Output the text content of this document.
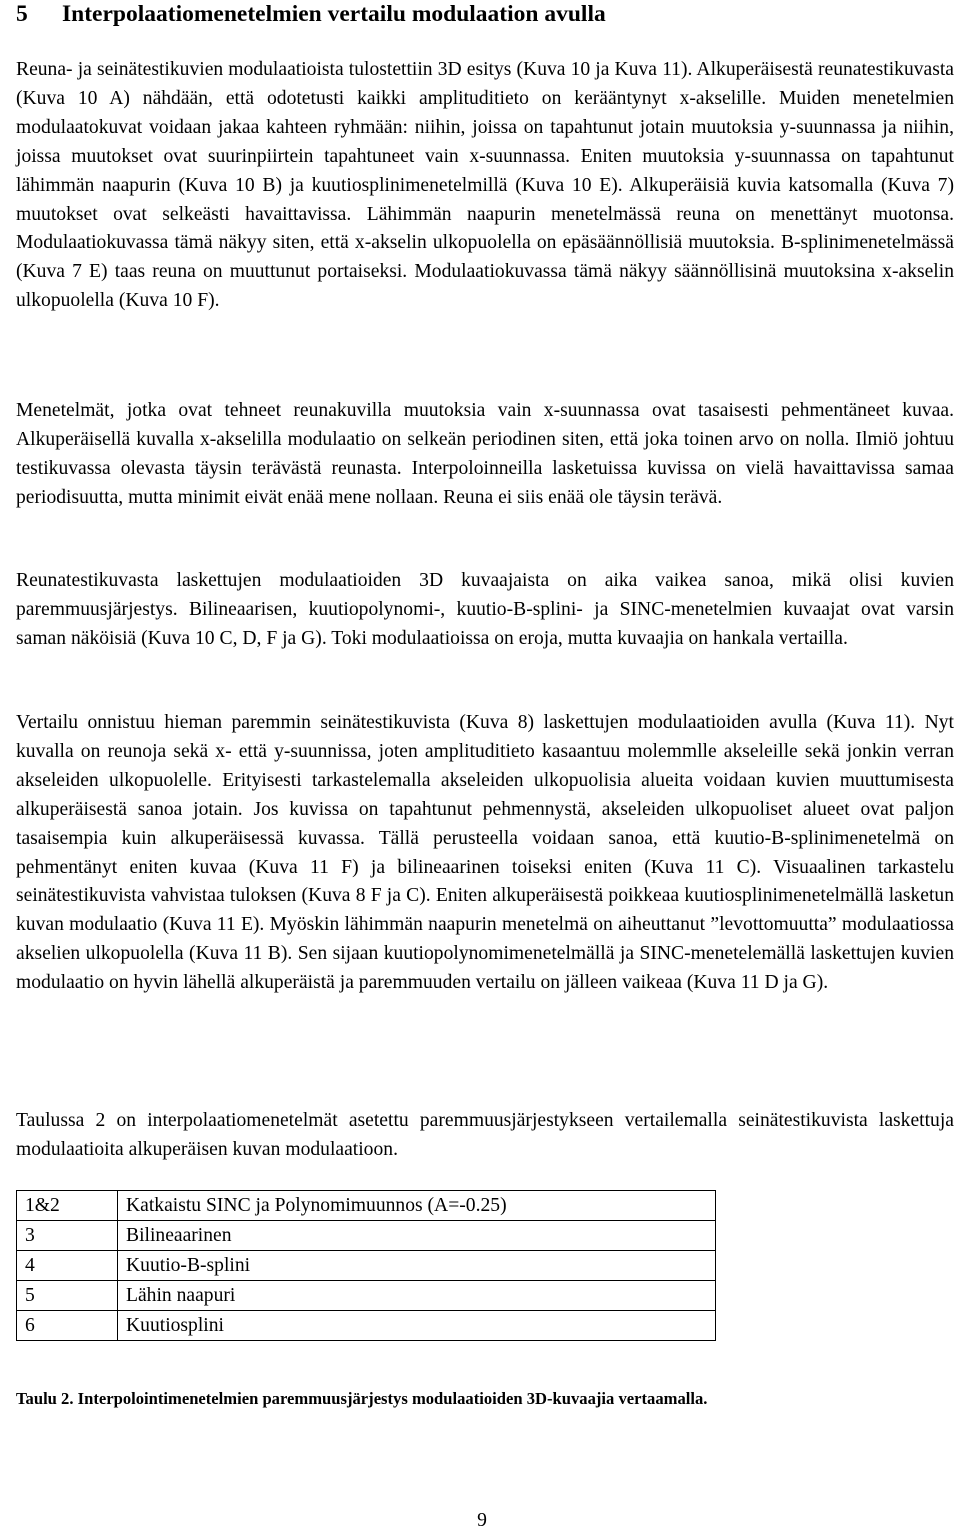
5 Interpolaatiomenetelmien vertailu modulaation avulla

Reuna- ja seinätestikuvien modulaatioista tulostettiin 3D esitys (Kuva 10 ja Kuva 11). Alkuperäisestä reunatestikuvasta (Kuva 10 A) nähdään, että odotetusti kaikki amplituditieto on kerääntynyt x-akselille. Muiden menetelmien modulaatokuvat voidaan jakaa kahteen ryhmään: niihin, joissa on tapahtunut jotain muutoksia y-suunnassa ja niihin, joissa muutokset ovat suurinpiirtein tapahtuneet vain x-suunnassa. Eniten muutoksia y-suunnassa on tapahtunut lähimmän naapurin (Kuva 10 B) ja kuutiosplinimenetelmillä (Kuva 10 E). Alkuperäisiä kuvia katsomalla (Kuva 7) muutokset ovat selkeästi havaittavissa. Lähimmän naapurin menetelmässä reuna on menettänyt muotonsa. Modulaatiokuvassa tämä näkyy siten, että x-akselin ulkopuolella on epäsäännöllisiä muutoksia. B-splinimenetelmässä (Kuva 7 E) taas reuna on muuttunut portaiseksi. Modulaatiokuvassa tämä näkyy säännöllisinä muutoksina x-akselin ulkopuolella (Kuva 10 F).

Menetelmät, jotka ovat tehneet reunakuvilla muutoksia vain x-suunnassa ovat tasaisesti pehmentäneet kuvaa. Alkuperäisellä kuvalla x-akselilla modulaatio on selkeän periodinen siten, että joka toinen arvo on nolla. Ilmiö johtuu testikuvassa olevasta täysin terävästä reunasta. Interpoloinneilla lasketuissa kuvissa on vielä havaittavissa samaa periodisuutta, mutta minimit eivät enää mene nollaan. Reuna ei siis enää ole täysin terävä.

Reunatestikuvasta laskettujen modulaatioiden 3D kuvaajaista on aika vaikea sanoa, mikä olisi kuvien paremmuusjärjestys. Bilineaarisen, kuutiopolynomi-, kuutio-B-splini- ja SINC-menetelmien kuvaajat ovat varsin saman näköisiä (Kuva 10 C, D, F ja G). Toki modulaatioissa on eroja, mutta kuvaajia on hankala vertailla.

Vertailu onnistuu hieman paremmin seinätestikuvista (Kuva 8) laskettujen modulaatioiden avulla (Kuva 11). Nyt kuvalla on reunoja sekä x- että y-suunnissa, joten amplituditieto kasaantuu molemmlle akseleille sekä jonkin verran akseleiden ulkopuolelle. Erityisesti tarkastelemalla akseleiden ulkopuolisia alueita voidaan kuvien muuttumisesta alkuperäisestä sanoa jotain. Jos kuvissa on tapahtunut pehmennystä, akseleiden ulkopuoliset alueet ovat paljon tasaisempia kuin alkuperäisessä kuvassa. Tällä perusteella voidaan sanoa, että kuutio-B-splinimenetelmä on pehmentänyt eniten kuvaa (Kuva 11 F) ja bilineaarinen toiseksi eniten (Kuva 11 C). Visuaalinen tarkastelu seinätestikuvista vahvistaa tuloksen (Kuva 8 F ja C). Eniten alkuperäisestä poikkeaa kuutiosplinimenetelmällä lasketun kuvan modulaatio (Kuva 11 E). Myöskin lähimmän naapurin menetelmä on aiheuttanut ”levottomuutta” modulaatiossa akselien ulkopuolella (Kuva 11 B). Sen sijaan kuutiopolynomimenetelmällä ja SINC-menetelemällä laskettujen kuvien modulaatio on hyvin lähellä alkuperäistä ja paremmuuden vertailu on jälleen vaikeaa (Kuva 11 D ja G).

Taulussa 2 on interpolaatiomenetelmät asetettu paremmuusjärjestykseen vertailemalla seinätestikuvista laskettuja modulaatioita alkuperäisen kuvan modulaatioon.

1&2	Katkaistu SINC ja Polynomimuunnos (A=-0.25)
3	Bilineaarinen
4	Kuutio-B-splini
5	Lähin naapuri
6	Kuutiosplini

Taulu 2. Interpolointimenetelmien paremmuusjärjestys modulaatioiden 3D-kuvaajia vertaamalla.

9
